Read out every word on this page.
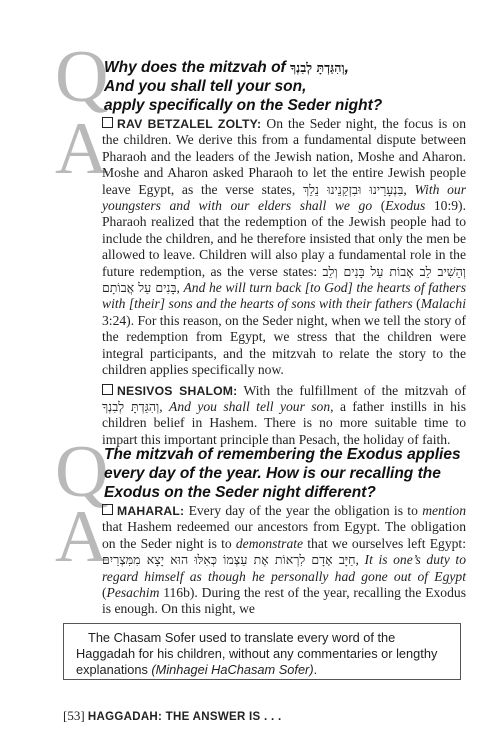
Q
Why does the mitzvah of וְהִגַּדְתָּ לְבִנְךָ,
And you shall tell your son,
apply specifically on the Seder night?
A RAV BETZALEL ZOLTY: On the Seder night, the focus is on the children. We derive this from a fundamental dispute between Pharaoh and the leaders of the Jewish nation, Moshe and Aharon. Moshe and Aharon asked Pharaoh to let the entire Jewish people leave Egypt, as the verse states, בִּנְעָרֵינוּ וּבִזְקֵנֵינוּ נֵלֵךְ, With our youngsters and with our elders shall we go (Exodus 10:9). Pharaoh realized that the redemption of the Jewish people had to include the children, and he therefore insisted that only the men be allowed to leave. Children will also play a fundamental role in the future redemption, as the verse states: וְהֵשִׁיב לֵב אָבוֹת עַל בָּנִים וְלֵב בָּנִים עַל אֲבוֹתָם, And he will turn back [to God] the hearts of fathers with [their] sons and the hearts of sons with their fathers (Malachi 3:24). For this reason, on the Seder night, when we tell the story of the redemption from Egypt, we stress that the children were integral participants, and the mitzvah to relate the story to the children applies specifically now.

NESIVOS SHALOM: With the fulfillment of the mitzvah of וְהִגַּדְתָּ לְבִנְךָ, And you shall tell your son, a father instills in his children belief in Hashem. There is no more suitable time to impart this important principle than Pesach, the holiday of faith.

Q
The mitzvah of remembering the Exodus applies
every day of the year. How is our recalling the
Exodus on the Seder night different?
A MAHARAL: Every day of the year the obligation is to mention that Hashem redeemed our ancestors from Egypt. The obligation on the Seder night is to demonstrate that we ourselves left Egypt: חַיָּב אָדָם לִרְאוֹת אֶת עַצְמוֹ כְּאִלּוּ הוּא יָצָא מִמִּצְרַיִם, It is one’s duty to regard himself as though he personally had gone out of Egypt (Pesachim 116b). During the rest of the year, recalling the Exodus is enough. On this night, we

The Chasam Sofer used to translate every word of the Haggadah for his children, without any commentaries or lengthy explanations (Minhagei HaChasam Sofer).
[53] HAGGADAH: THE ANSWER IS . . .
